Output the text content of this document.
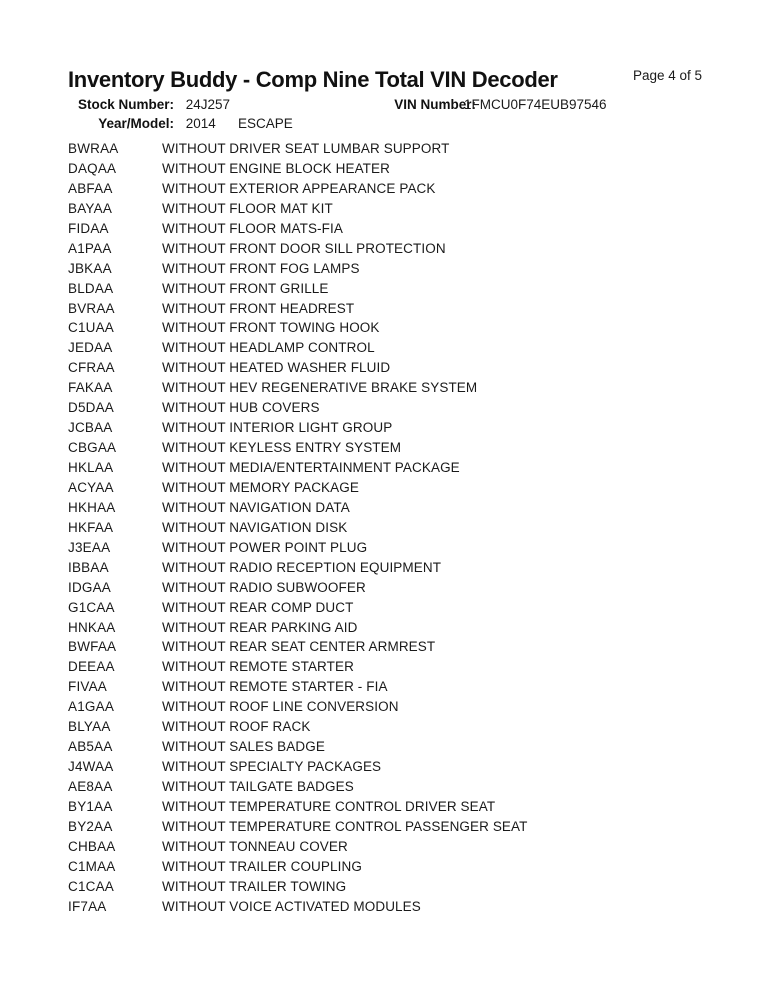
Inventory Buddy - Comp Nine Total VIN Decoder	Page 4 of 5
Stock Number: 24J257	VIN Number:
1FMCU0F74EUB97546
Year/Model: 2014 ESCAPE
BWRAA	WITHOUT DRIVER SEAT LUMBAR SUPPORT
DAQAA	WITHOUT ENGINE BLOCK HEATER
ABFAA	WITHOUT EXTERIOR APPEARANCE PACK
BAYAA	WITHOUT FLOOR MAT KIT
FIDAA	WITHOUT FLOOR MATS-FIA
A1PAA	WITHOUT FRONT DOOR SILL PROTECTION
JBKAA	WITHOUT FRONT FOG LAMPS
BLDAA	WITHOUT FRONT GRILLE
BVRAA	WITHOUT FRONT HEADREST
C1UAA	WITHOUT FRONT TOWING HOOK
JEDAA	WITHOUT HEADLAMP CONTROL
CFRAA	WITHOUT HEATED WASHER FLUID
FAKAA	WITHOUT HEV REGENERATIVE BRAKE SYSTEM
D5DAA	WITHOUT HUB COVERS
JCBAA	WITHOUT INTERIOR LIGHT GROUP
CBGAA	WITHOUT KEYLESS ENTRY SYSTEM
HKLAA	WITHOUT MEDIA/ENTERTAINMENT PACKAGE
ACYAA	WITHOUT MEMORY PACKAGE
HKHAA	WITHOUT NAVIGATION DATA
HKFAA	WITHOUT NAVIGATION DISK
J3EAA	WITHOUT POWER POINT PLUG
IBBAA	WITHOUT RADIO RECEPTION EQUIPMENT
IDGAA	WITHOUT RADIO SUBWOOFER
G1CAA	WITHOUT REAR COMP DUCT
HNKAA	WITHOUT REAR PARKING AID
BWFAA	WITHOUT REAR SEAT CENTER ARMREST
DEEAA	WITHOUT REMOTE STARTER
FIVAA	WITHOUT REMOTE STARTER - FIA
A1GAA	WITHOUT ROOF LINE CONVERSION
BLYAA	WITHOUT ROOF RACK
AB5AA	WITHOUT SALES BADGE
J4WAA	WITHOUT SPECIALTY PACKAGES
AE8AA	WITHOUT TAILGATE BADGES
BY1AA	WITHOUT TEMPERATURE CONTROL DRIVER SEAT
BY2AA	WITHOUT TEMPERATURE CONTROL PASSENGER SEAT
CHBAA	WITHOUT TONNEAU COVER
C1MAA	WITHOUT TRAILER COUPLING
C1CAA	WITHOUT TRAILER TOWING
IF7AA	WITHOUT VOICE ACTIVATED MODULES
